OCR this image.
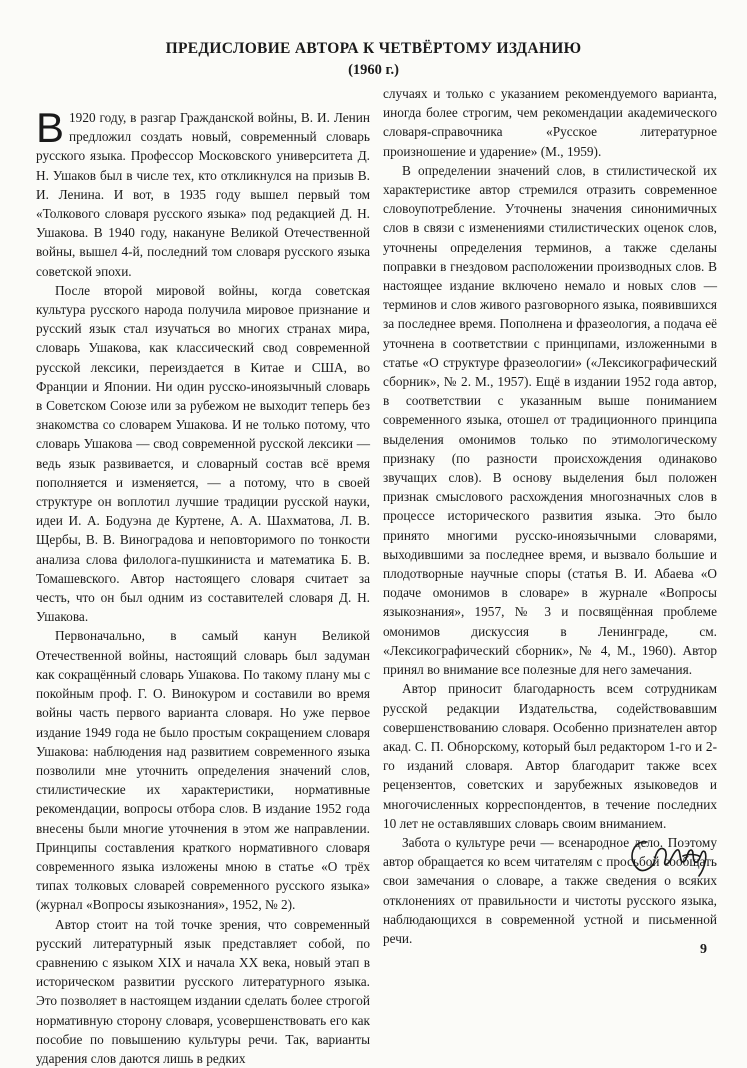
ПРЕДИСЛОВИЕ АВТОРА К ЧЕТВЁРТОМУ ИЗДАНИЮ
(1960 г.)

В 1920 году, в разгар Гражданской войны, В. И. Ленин предложил создать новый, современный словарь русского языка. Профессор Московского университета Д. Н. Ушаков был в числе тех, кто откликнулся на призыв В. И. Ленина. И вот, в 1935 году вышел первый том «Толкового словаря русского языка» под редакцией Д. Н. Ушакова. В 1940 году, накануне Великой Отечественной войны, вышел 4-й, последний том словаря русского языка советской эпохи.

После второй мировой войны, когда советская культура русского народа получила мировое признание и русский язык стал изучаться во многих странах мира, словарь Ушакова, как классический свод современной русской лексики, переиздается в Китае и США, во Франции и Японии. Ни один русско-иноязычный словарь в Советском Союзе или за рубежом не выходит теперь без знакомства со словарем Ушакова. И не только потому, что словарь Ушакова — свод современной русской лексики — ведь язык развивается, и словарный состав всё время пополняется и изменяется, — а потому, что в своей структуре он воплотил лучшие традиции русской науки, идеи И. А. Бодуэна де Куртене, А. А. Шахматова, Л. В. Щербы, В. В. Виноградова и неповторимого по тонкости анализа слова филолога-пушкиниста и математика Б. В. Томашевского. Автор настоящего словаря считает за честь, что он был одним из составителей словаря Д. Н. Ушакова.

Первоначально, в самый канун Великой Отечественной войны, настоящий словарь был задуман как сокращённый словарь Ушакова. По такому плану мы с покойным проф. Г. О. Винокуром и составили во время войны часть первого варианта словаря. Но уже первое издание 1949 года не было простым сокращением словаря Ушакова: наблюдения над развитием современного языка позволили мне уточнить определения значений слов, стилистические их характеристики, нормативные рекомендации, вопросы отбора слов. В издание 1952 года внесены были многие уточнения в этом же направлении. Принципы составления краткого нормативного словаря современного языка изложены мною в статье «О трёх типах толковых словарей современного русского языка» (журнал «Вопросы языкознания», 1952, № 2).

Автор стоит на той точке зрения, что современный русский литературный язык представляет собой, по сравнению с языком XIX и начала XX века, новый этап в историческом развитии русского литературного языка. Это позволяет в настоящем издании сделать более строгой нормативную сторону словаря, усовершенствовать его как пособие по повышению культуры речи. Так, варианты ударения слов даются лишь в редких

случаях и только с указанием рекомендуемого варианта, иногда более строгим, чем рекомендации академического словаря-справочника «Русское литературное произношение и ударение» (М., 1959).

В определении значений слов, в стилистической их характеристике автор стремился отразить современное словоупотребление. Уточнены значения синонимичных слов в связи с изменениями стилистических оценок слов, уточнены определения терминов, а также сделаны поправки в гнездовом расположении производных слов. В настоящее издание включено немало и новых слов — терминов и слов живого разговорного языка, появившихся за последнее время. Пополнена и фразеология, а подача её уточнена в соответствии с принципами, изложенными в статье «О структуре фразеологии» («Лексикографический сборник», № 2. М., 1957). Ещё в издании 1952 года автор, в соответствии с указанным выше пониманием современного языка, отошел от традиционного принципа выделения омонимов только по этимологическому признаку (по разности происхождения одинаково звучащих слов). В основу выделения был положен признак смыслового расхождения многозначных слов в процессе исторического развития языка. Это было принято многими русско-иноязычными словарями, выходившими за последнее время, и вызвало большие и плодотворные научные споры (статья В. И. Абаева «О подаче омонимов в словаре» в журнале «Вопросы языкознания», 1957, № 3 и посвящённая проблеме омонимов дискуссия в Ленинграде, см. «Лексикографический сборник», № 4, М., 1960). Автор принял во внимание все полезные для него замечания.

Автор приносит благодарность всем сотрудникам русской редакции Издательства, содействовавшим совершенствованию словаря. Особенно признателен автор акад. С. П. Обнорскому, который был редактором 1-го и 2-го изданий словаря. Автор благодарит также всех рецензентов, советских и зарубежных языковедов и многочисленных корреспондентов, в течение последних 10 лет не оставлявших словарь своим вниманием.

Забота о культуре речи — всенародное дело. Поэтому автор обращается ко всем читателям с просьбой сообщать свои замечания о словаре, а также сведения о всяких отклонениях от правильности и чистоты русского языка, наблюдающихся в современной устной и письменной речи.

9
